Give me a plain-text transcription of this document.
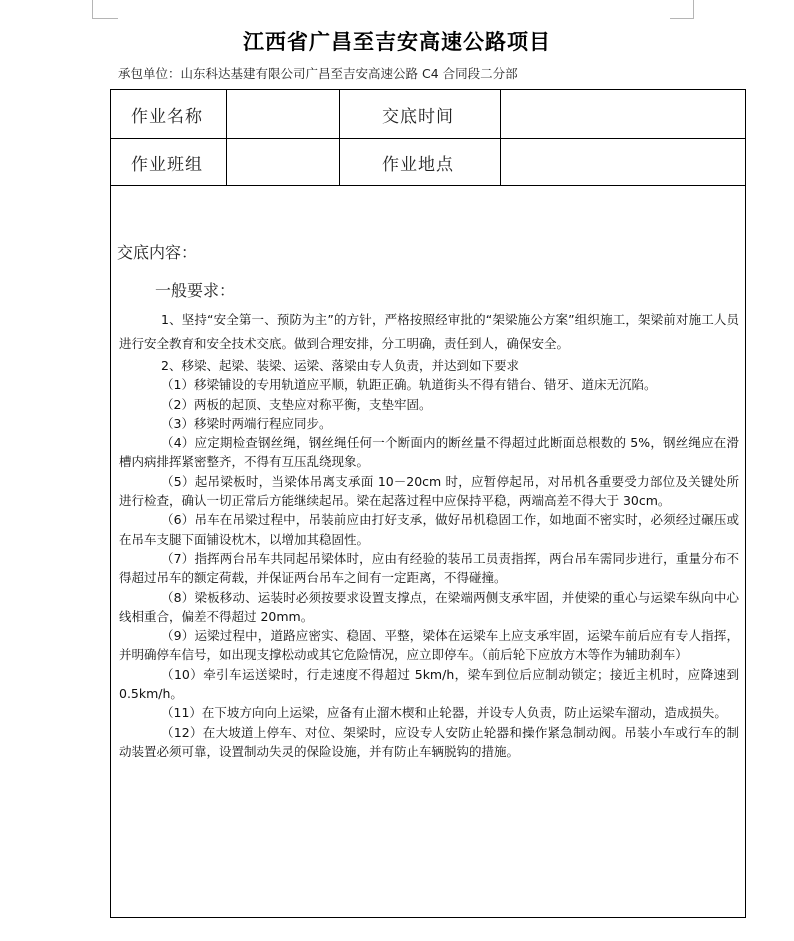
江西省广昌至吉安高速公路项目
承包单位：山东科达基建有限公司广昌至吉安高速公路 C4 合同段二分部
作业名称	交底时间
作业班组	作业地点
交底内容：
一般要求：

1、坚持“安全第一、预防为主”的方针，严格按照经审批的“架梁施公方案”组织施工，架梁前对施工人员进行安全教育和安全技术交底。做到合理安排，分工明确，责任到人，确保安全。

2、移梁、起梁、装梁、运梁、落梁由专人负责，并达到如下要求

（1）移梁铺设的专用轨道应平顺，轨距正确。轨道街头不得有错台、错牙、道床无沉陷。

（2）两板的起顶、支垫应对称平衡，支垫牢固。

（3）移梁时两端行程应同步。

（4）应定期检查钢丝绳，钢丝绳任何一个断面内的断丝量不得超过此断面总根数的 5%，钢丝绳应在滑槽内病排挥紧密整齐，不得有互压乱绕现象。

（5）起吊梁板时，当梁体吊离支承面 10－20cm 时，应暂停起吊，对吊机各重要受力部位及关键处所进行检查，确认一切正常后方能继续起吊。梁在起落过程中应保持平稳，两端高差不得大于 30cm。

（6）吊车在吊梁过程中，吊装前应由打好支承，做好吊机稳固工作，如地面不密实时，必须经过碾压或在吊车支腿下面铺设枕木，以增加其稳固性。

（7）指挥两台吊车共同起吊梁体时，应由有经验的装吊工员责指挥，两台吊车需同步进行，重量分布不得超过吊车的额定荷载，并保证两台吊车之间有一定距离，不得碰撞。

（8）梁板移动、运装时必须按要求设置支撑点，在梁端两侧支承牢固，并使梁的重心与运梁车纵向中心线相重合，偏差不得超过 20mm。

（9）运梁过程中，道路应密实、稳固、平整，梁体在运梁车上应支承牢固，运梁车前后应有专人指挥，并明确停车信号，如出现支撑松动或其它危险情况，应立即停车。（前后轮下应放方木等作为辅助刹车）

（10）牵引车运送梁时，行走速度不得超过 5km/h，梁车到位后应制动锁定；接近主机时，应降速到 0.5km/h。

（11）在下坡方向向上运梁，应备有止溜木楔和止轮器，并设专人负责，防止运梁车溜动，造成损失。

（12）在大坡道上停车、对位、架梁时，应设专人安防止轮器和操作紧急制动阀。吊装小车或行车的制动装置必须可靠，设置制动失灵的保险设施，并有防止车辆脱钩的措施。
